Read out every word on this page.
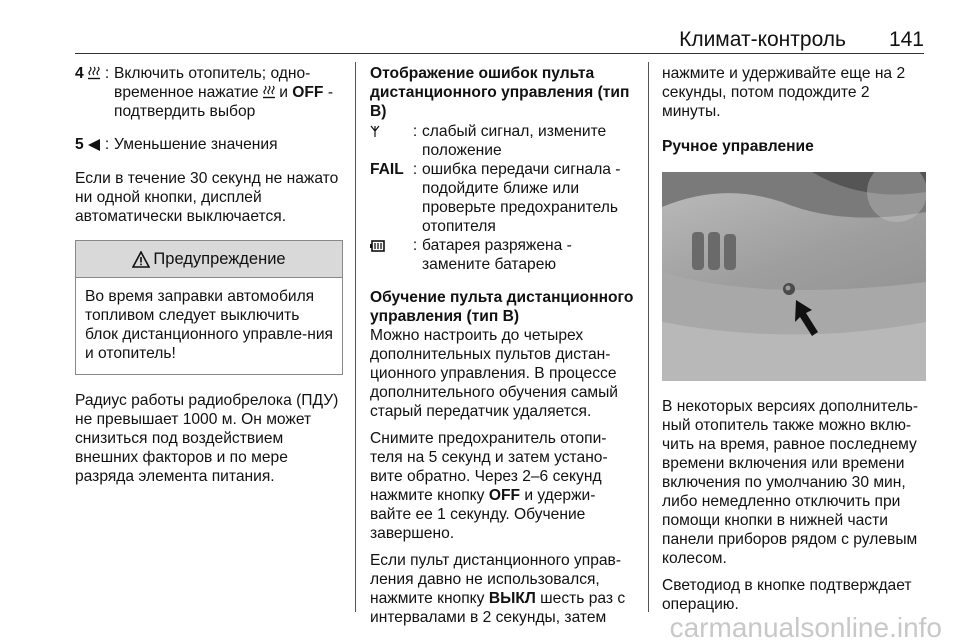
Климат-контроль 141
4	: Включить отопитель; одно-временное нажатие и OFF - подтвердить выбор
5	: Уменьшение значения

Если в течение 30 секунд не нажато ни одной кнопки, дисплей автоматически выключается.

Предупреждение
Во время заправки автомобиля топливом следует выключить блок дистанционного управле-ния и отопитель!

Радиус работы радиобрелока (ПДУ) не превышает 1000 м. Он может снизиться под воздействием внешних факторов и по мере разряда элемента питания.

Отображение ошибок пульта дистанционного управления (тип B)

: слабый сигнал, измените положение
FAIL : ошибка передачи сигнала - подойдите ближе или проверьте предохранитель отопителя
: батарея разряжена - замените батарею

Обучение пульта дистанционного управления (тип B)

Можно настроить до четырех дополнительных пультов дистан-ционного управления. В процессе дополнительного обучения самый старый передатчик удаляется.

Снимите предохранитель отопи-теля на 5 секунд и затем устано-вите обратно. Через 2–6 секунд нажмите кнопку OFF и удержи-вайте ее 1 секунду. Обучение завершено.

Если пульт дистанционного управ-ления давно не использовался, нажмите кнопку ВЫКЛ шесть раз с интервалами в 2 секунды, затем

нажмите и удерживайте еще на 2 секунды, потом подождите 2 минуты.

Ручное управление

В некоторых версиях дополнитель-ный отопитель также можно вклю-чить на время, равное последнему времени включения или времени включения по умолчанию 30 мин, либо немедленно отключить при помощи кнопки в нижней части панели приборов рядом с рулевым колесом.

Светодиод в кнопке подтверждает операцию.

carmanualsonline.info
